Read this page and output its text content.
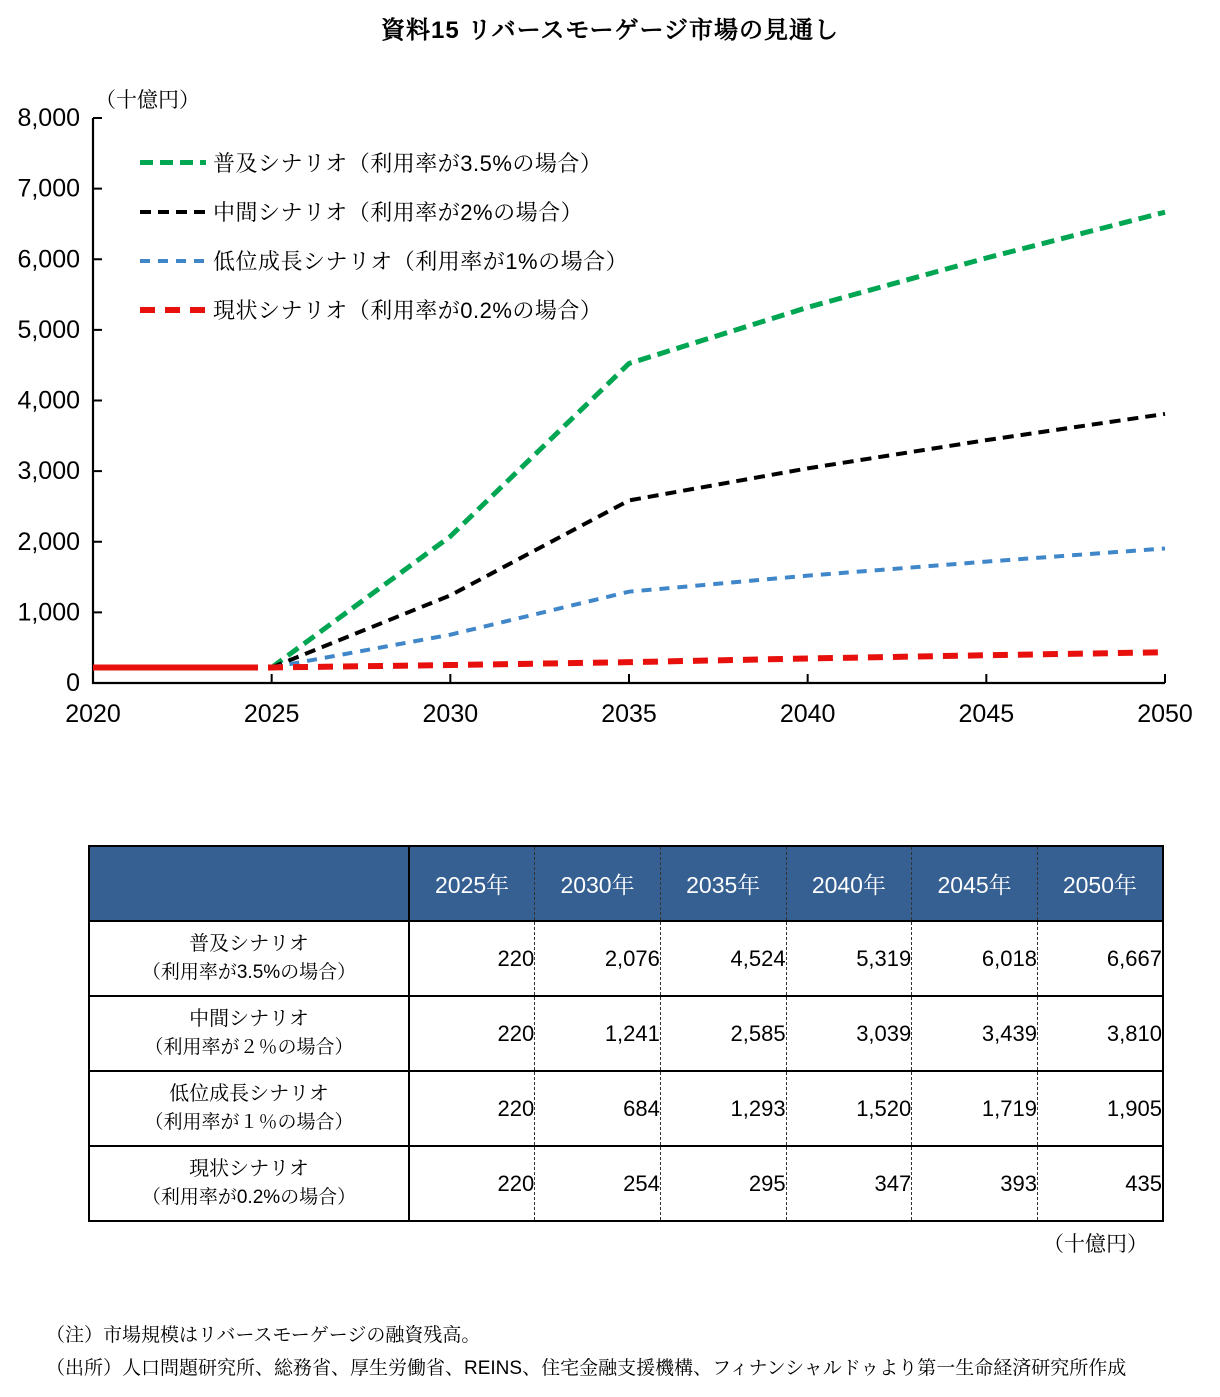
資料15 リバースモーゲージ市場の見通し
0
1,000
2,000
3,000
4,000
5,000
6,000
7,000
8,000
2020	2025	2030	2035	2040	2045	2050
（十億円）
普及シナリオ（利用率が3.5%の場合）
中間シナリオ（利用率が2%の場合）
低位成長シナリオ（利用率が1%の場合）
現状シナリオ（利用率が0.2%の場合）
	2025年	2030年	2035年	2040年	2045年	2050年

普及シナリオ
（利用率が3.5%の場合）	220	2,076	4,524	5,319	6,018	6,667

中間シナリオ
（利用率が２％の場合）	220	1,241	2,585	3,039	3,439	3,810

低位成長シナリオ
（利用率が１％の場合）	220	684	1,293	1,520	1,719	1,905

現状シナリオ
（利用率が0.2%の場合）	220	254	295	347	393	435
（十億円）
（注）市場規模はリバースモーゲージの融資残高。
（出所）人口問題研究所、総務省、厚生労働省、REINS、住宅金融支援機構、フィナンシャルドゥより第一生命経済研究所作成
